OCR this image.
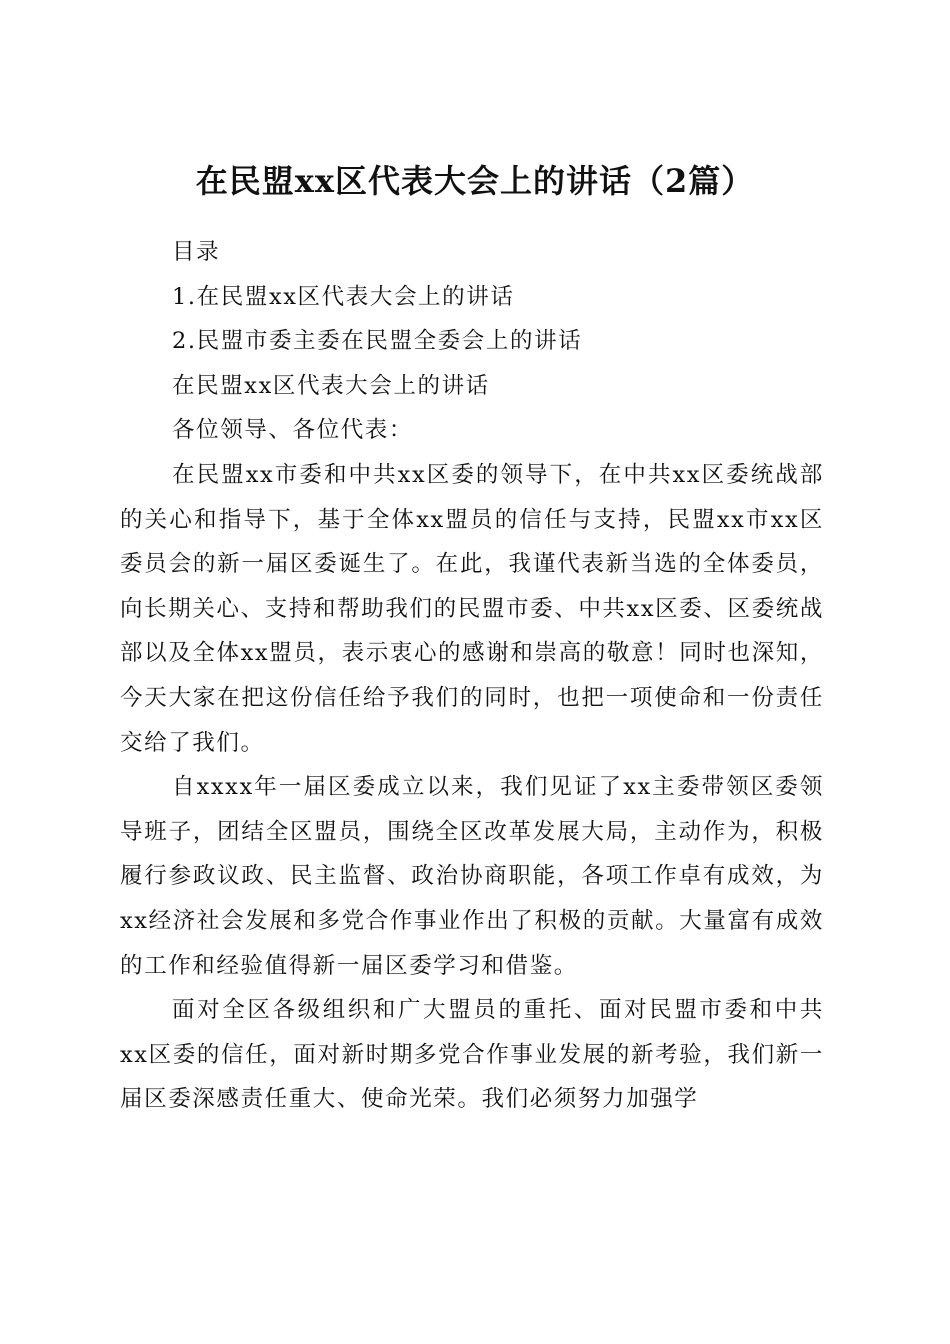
在民盟xx区代表大会上的讲话（2篇）

目录

1.在民盟xx区代表大会上的讲话

2.民盟市委主委在民盟全委会上的讲话

在民盟xx区代表大会上的讲话

各位领导、各位代表：

在民盟xx市委和中共xx区委的领导下，在中共xx区委统战部的关心和指导下，基于全体xx盟员的信任与支持，民盟xx市xx区委员会的新一届区委诞生了。在此，我谨代表新当选的全体委员，向长期关心、支持和帮助我们的民盟市委、中共xx区委、区委统战部以及全体xx盟员，表示衷心的感谢和崇高的敬意！同时也深知，今天大家在把这份信任给予我们的同时，也把一项使命和一份责任交给了我们。

自xxxx年一届区委成立以来，我们见证了xx主委带领区委领导班子，团结全区盟员，围绕全区改革发展大局，主动作为，积极履行参政议政、民主监督、政治协商职能，各项工作卓有成效，为xx经济社会发展和多党合作事业作出了积极的贡献。大量富有成效的工作和经验值得新一届区委学习和借鉴。

面对全区各级组织和广大盟员的重托、面对民盟市委和中共xx区委的信任，面对新时期多党合作事业发展的新考验，我们新一届区委深感责任重大、使命光荣。我们必须努力加强学
